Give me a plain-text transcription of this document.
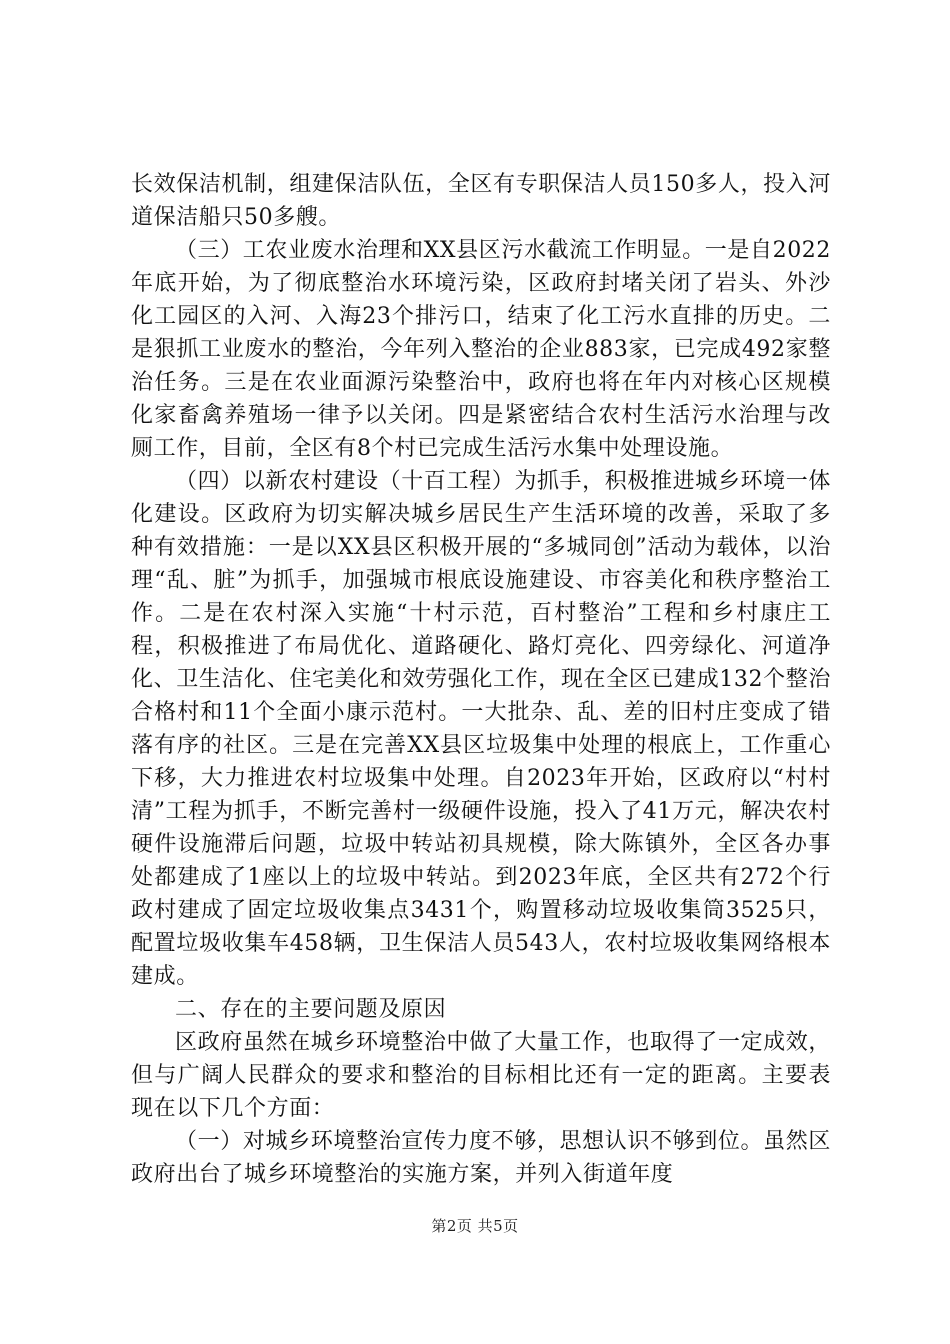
长效保洁机制，组建保洁队伍，全区有专职保洁人员150多人，投入河道保洁船只50多艘。

（三）工农业废水治理和XX县区污水截流工作明显。一是自2022年底开始，为了彻底整治水环境污染，区政府封堵关闭了岩头、外沙化工园区的入河、入海23个排污口，结束了化工污水直排的历史。二是狠抓工业废水的整治，今年列入整治的企业883家，已完成492家整治任务。三是在农业面源污染整治中，政府也将在年内对核心区规模化家畜禽养殖场一律予以关闭。四是紧密结合农村生活污水治理与改厕工作，目前，全区有8个村已完成生活污水集中处理设施。

（四）以新农村建设（十百工程）为抓手，积极推进城乡环境一体化建设。区政府为切实解决城乡居民生产生活环境的改善，采取了多种有效措施：一是以XX县区积极开展的“多城同创”活动为载体，以治理“乱、脏”为抓手，加强城市根底设施建设、市容美化和秩序整治工作。二是在农村深入实施“十村示范，百村整治”工程和乡村康庄工程，积极推进了布局优化、道路硬化、路灯亮化、四旁绿化、河道净化、卫生洁化、住宅美化和效劳强化工作，现在全区已建成132个整治合格村和11个全面小康示范村。一大批杂、乱、差的旧村庄变成了错落有序的社区。三是在完善XX县区垃圾集中处理的根底上，工作重心下移，大力推进农村垃圾集中处理。自2023年开始，区政府以“村村清”工程为抓手，不断完善村一级硬件设施，投入了41万元，解决农村硬件设施滞后问题，垃圾中转站初具规模，除大陈镇外，全区各办事处都建成了1座以上的垃圾中转站。到2023年底，全区共有272个行政村建成了固定垃圾收集点3431个，购置移动垃圾收集筒3525只，配置垃圾收集车458辆，卫生保洁人员543人，农村垃圾收集网络根本建成。

二、存在的主要问题及原因

区政府虽然在城乡环境整治中做了大量工作，也取得了一定成效，但与广阔人民群众的要求和整治的目标相比还有一定的距离。主要表现在以下几个方面：

（一）对城乡环境整治宣传力度不够，思想认识不够到位。虽然区政府出台了城乡环境整治的实施方案，并列入街道年度

第2页 共5页
